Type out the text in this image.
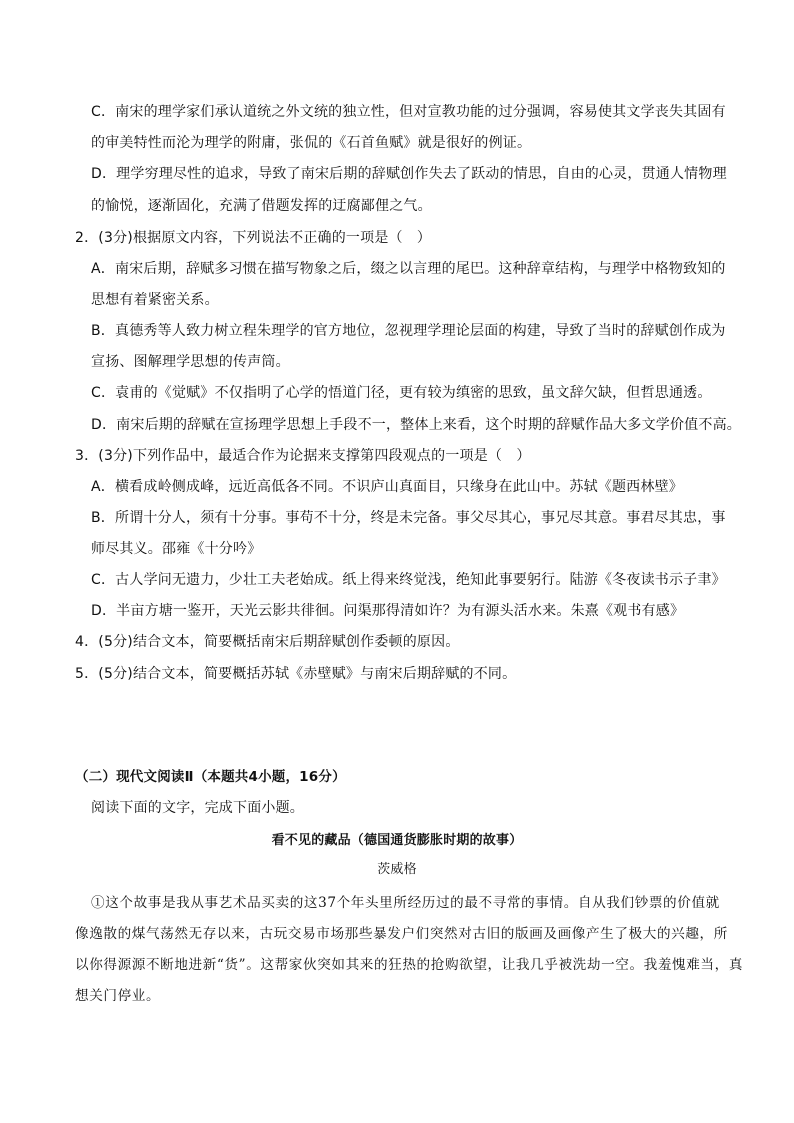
C．南宋的理学家们承认道统之外文统的独立性，但对宣教功能的过分强调，容易使其文学丧失其固有
的审美特性而沦为理学的附庸，张侃的《石首鱼赋》就是很好的例证。
D．理学穷理尽性的追求，导致了南宋后期的辞赋创作失去了跃动的情思，自由的心灵，贯通人情物理
的愉悦，逐渐固化，充满了借题发挥的迂腐鄙俚之气。
2．(3分)根据原文内容，下列说法不正确的一项是（　）
A．南宋后期，辞赋多习惯在描写物象之后，缀之以言理的尾巴。这种辞章结构，与理学中格物致知的
思想有着紧密关系。
B．真德秀等人致力树立程朱理学的官方地位，忽视理学理论层面的构建，导致了当时的辞赋创作成为
宣扬、图解理学思想的传声筒。
C．袁甫的《觉赋》不仅指明了心学的悟道门径，更有较为缜密的思致，虽文辞欠缺，但哲思通透。
D．南宋后期的辞赋在宣扬理学思想上手段不一，整体上来看，这个时期的辞赋作品大多文学价值不高。
3．(3分)下列作品中，最适合作为论据来支撑第四段观点的一项是（　）
A．横看成岭侧成峰，远近高低各不同。不识庐山真面目，只缘身在此山中。苏轼《题西林壁》
B．所谓十分人，须有十分事。事苟不十分，终是未完备。事父尽其心，事兄尽其意。事君尽其忠，事
师尽其义。邵雍《十分吟》
C．古人学问无遗力，少壮工夫老始成。纸上得来终觉浅，绝知此事要躬行。陆游《冬夜读书示子聿》
D．半亩方塘一鉴开，天光云影共徘徊。问渠那得清如许？为有源头活水来。朱熹《观书有感》
4．(5分)结合文本，简要概括南宋后期辞赋创作委顿的原因。
5．(5分)结合文本，简要概括苏轼《赤壁赋》与南宋后期辞赋的不同。
（二）现代文阅读Ⅱ（本题共4小题，16分）
阅读下面的文字，完成下面小题。
看不见的藏品（德国通货膨胀时期的故事）
茨威格
①这个故事是我从事艺术品买卖的这37个年头里所经历过的最不寻常的事情。自从我们钞票的价值就
像逸散的煤气荡然无存以来，古玩交易市场那些暴发户们突然对古旧的版画及画像产生了极大的兴趣，所
以你得源源不断地进新“货”。这帮家伙突如其来的狂热的抢购欲望，让我几乎被洗劫一空。我羞愧难当，真
想关门停业。
